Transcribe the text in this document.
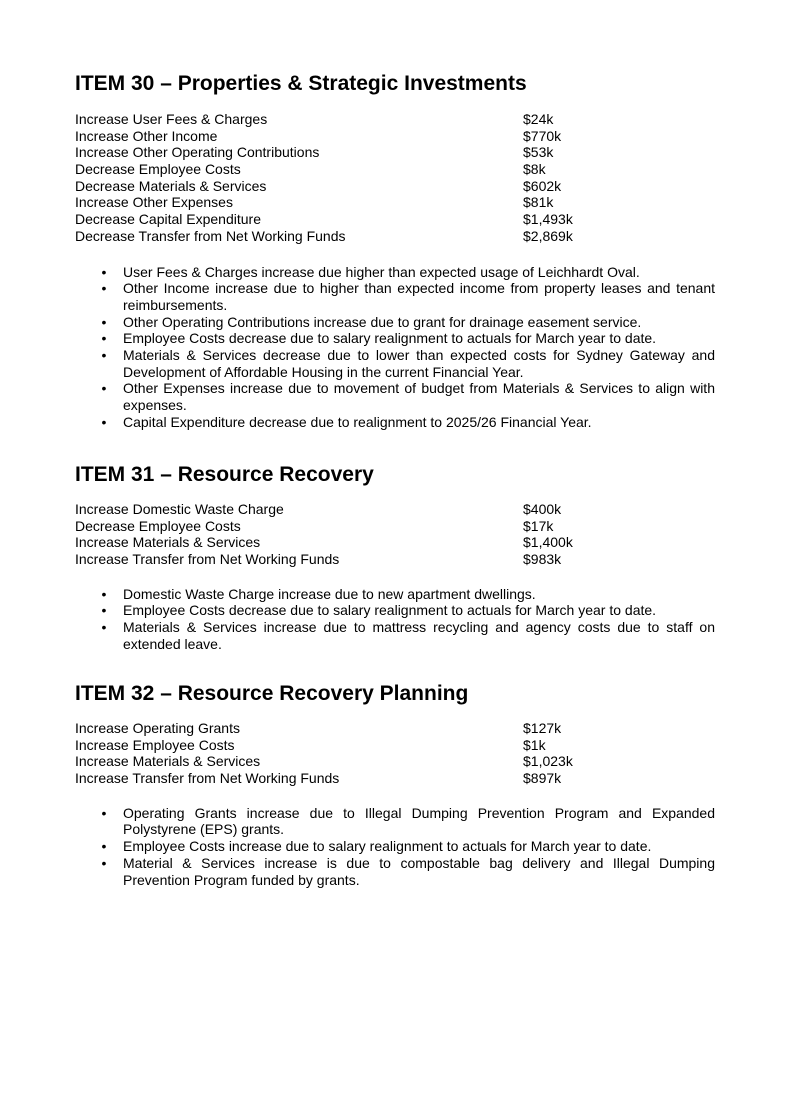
ITEM 30 – Properties & Strategic Investments
Increase User Fees & Charges	$24k
Increase Other Income	$770k
Increase Other Operating Contributions	$53k
Decrease Employee Costs	$8k
Decrease Materials & Services	$602k
Increase Other Expenses	$81k
Decrease Capital Expenditure	$1,493k
Decrease Transfer from Net Working Funds	$2,869k
• User Fees & Charges increase due higher than expected usage of Leichhardt Oval.
• Other Income increase due to higher than expected income from property leases and tenant reimbursements.
• Other Operating Contributions increase due to grant for drainage easement service.
• Employee Costs decrease due to salary realignment to actuals for March year to date.
• Materials & Services decrease due to lower than expected costs for Sydney Gateway and Development of Affordable Housing in the current Financial Year.
• Other Expenses increase due to movement of budget from Materials & Services to align with expenses.
• Capital Expenditure decrease due to realignment to 2025/26 Financial Year.
ITEM 31 – Resource Recovery
Increase Domestic Waste Charge	$400k
Decrease Employee Costs	$17k
Increase Materials & Services	$1,400k
Increase Transfer from Net Working Funds	$983k
• Domestic Waste Charge increase due to new apartment dwellings.
• Employee Costs decrease due to salary realignment to actuals for March year to date.
• Materials & Services increase due to mattress recycling and agency costs due to staff on extended leave.
ITEM 32 – Resource Recovery Planning
Increase Operating Grants	$127k
Increase Employee Costs	$1k
Increase Materials & Services	$1,023k
Increase Transfer from Net Working Funds	$897k
• Operating Grants increase due to Illegal Dumping Prevention Program and Expanded Polystyrene (EPS) grants.
• Employee Costs increase due to salary realignment to actuals for March year to date.
• Material & Services increase is due to compostable bag delivery and Illegal Dumping Prevention Program funded by grants.
